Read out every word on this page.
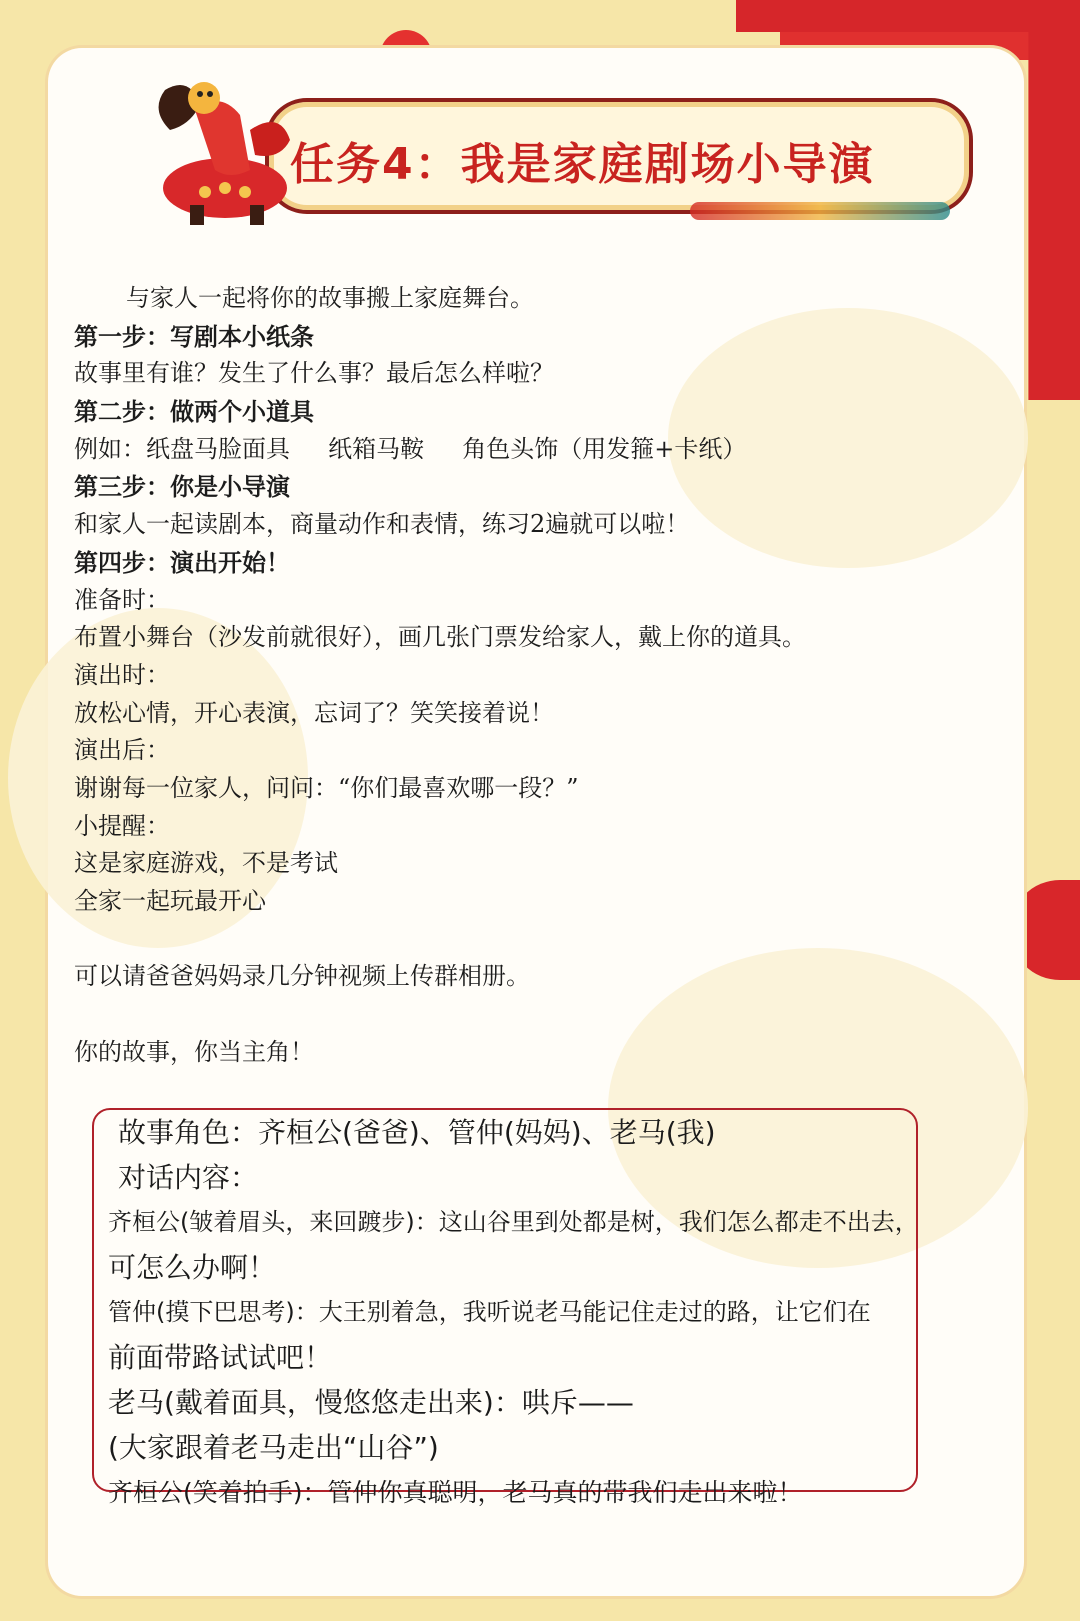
任务4：我是家庭剧场小导演
与家人一起将你的故事搬上家庭舞台。
第一步：写剧本小纸条
故事里有谁？发生了什么事？最后怎么样啦？
第二步：做两个小道具
例如：纸盘马脸面具     纸箱马鞍     角色头饰（用发箍+卡纸）
第三步：你是小导演
和家人一起读剧本，商量动作和表情，练习2遍就可以啦！
第四步：演出开始！
准备时：
布置小舞台（沙发前就很好），画几张门票发给家人，戴上你的道具。
演出时：
放松心情，开心表演，忘词了？笑笑接着说！
演出后：
谢谢每一位家人，问问：“你们最喜欢哪一段？”
小提醒：
这是家庭游戏，不是考试
全家一起玩最开心
可以请爸爸妈妈录几分钟视频上传群相册。
你的故事，你当主角！
故事角色：齐桓公(爸爸)、管仲(妈妈)、老马(我)
对话内容：
齐桓公(皱着眉头，来回踱步)：这山谷里到处都是树，我们怎么都走不出去，
可怎么办啊！
管仲(摸下巴思考)：大王别着急，我听说老马能记住走过的路，让它们在
前面带路试试吧！
老马(戴着面具，慢悠悠走出来)：哄斥——
(大家跟着老马走出“山谷”)
齐桓公(笑着拍手)：管仲你真聪明，老马真的带我们走出来啦！
